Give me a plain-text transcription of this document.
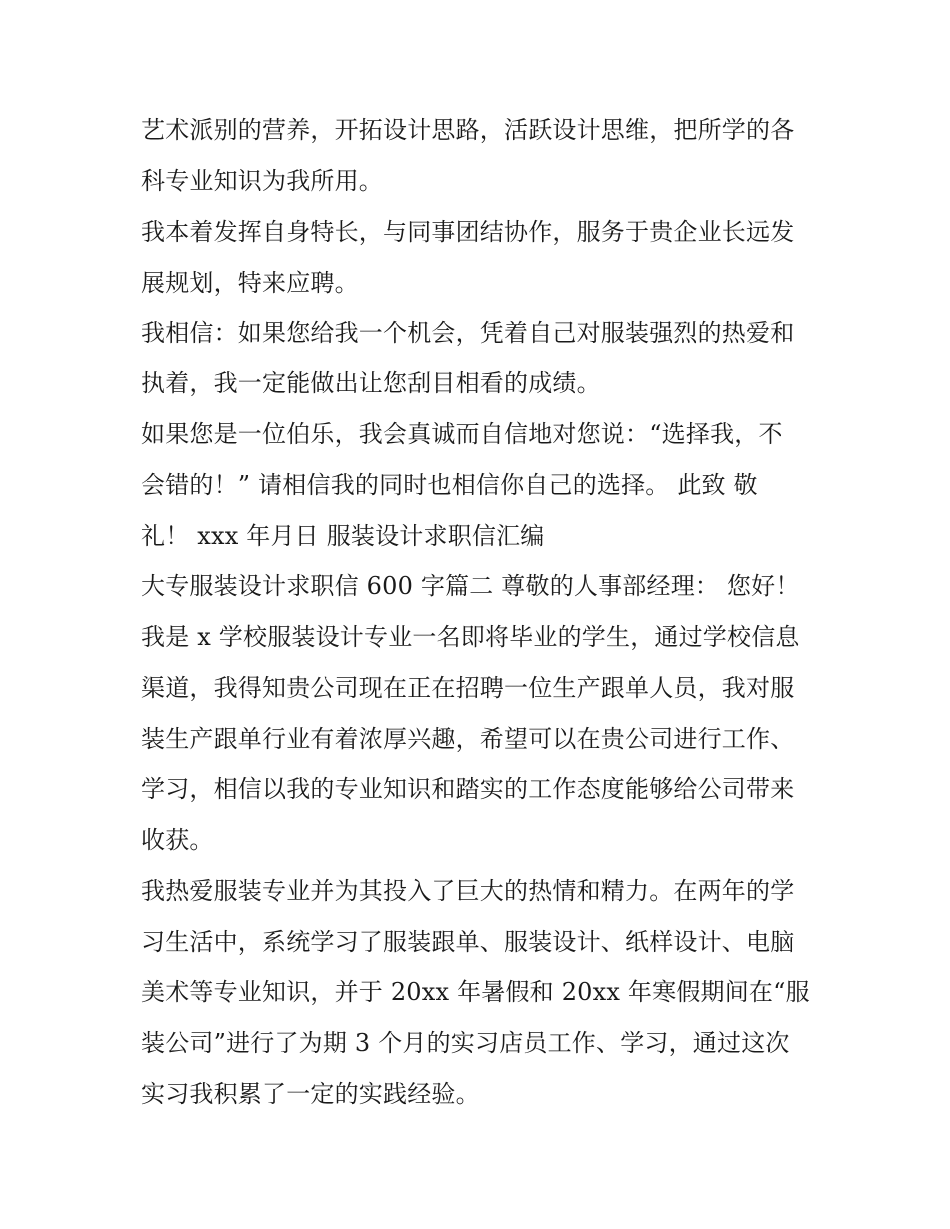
艺术派别的营养，开拓设计思路，活跃设计思维，把所学的各
科专业知识为我所用。
我本着发挥自身特长，与同事团结协作，服务于贵企业长远发
展规划，特来应聘。
我相信：如果您给我一个机会，凭着自己对服装强烈的热爱和
执着，我一定能做出让您刮目相看的成绩。
如果您是一位伯乐，我会真诚而自信地对您说：“选择我，不
会错的！” 请相信我的同时也相信你自己的选择。 此致 敬
礼！ xxx 年月日 服装设计求职信汇编
大专服装设计求职信 600 字篇二 尊敬的人事部经理： 您好！
我是 x 学校服装设计专业一名即将毕业的学生，通过学校信息
渠道，我得知贵公司现在正在招聘一位生产跟单人员，我对服
装生产跟单行业有着浓厚兴趣，希望可以在贵公司进行工作、
学习，相信以我的专业知识和踏实的工作态度能够给公司带来
收获。
我热爱服装专业并为其投入了巨大的热情和精力。在两年的学
习生活中，系统学习了服装跟单、服装设计、纸样设计、电脑
美术等专业知识，并于 20xx 年暑假和 20xx 年寒假期间在“服
装公司”进行了为期 3 个月的实习店员工作、学习，通过这次
实习我积累了一定的实践经验。
